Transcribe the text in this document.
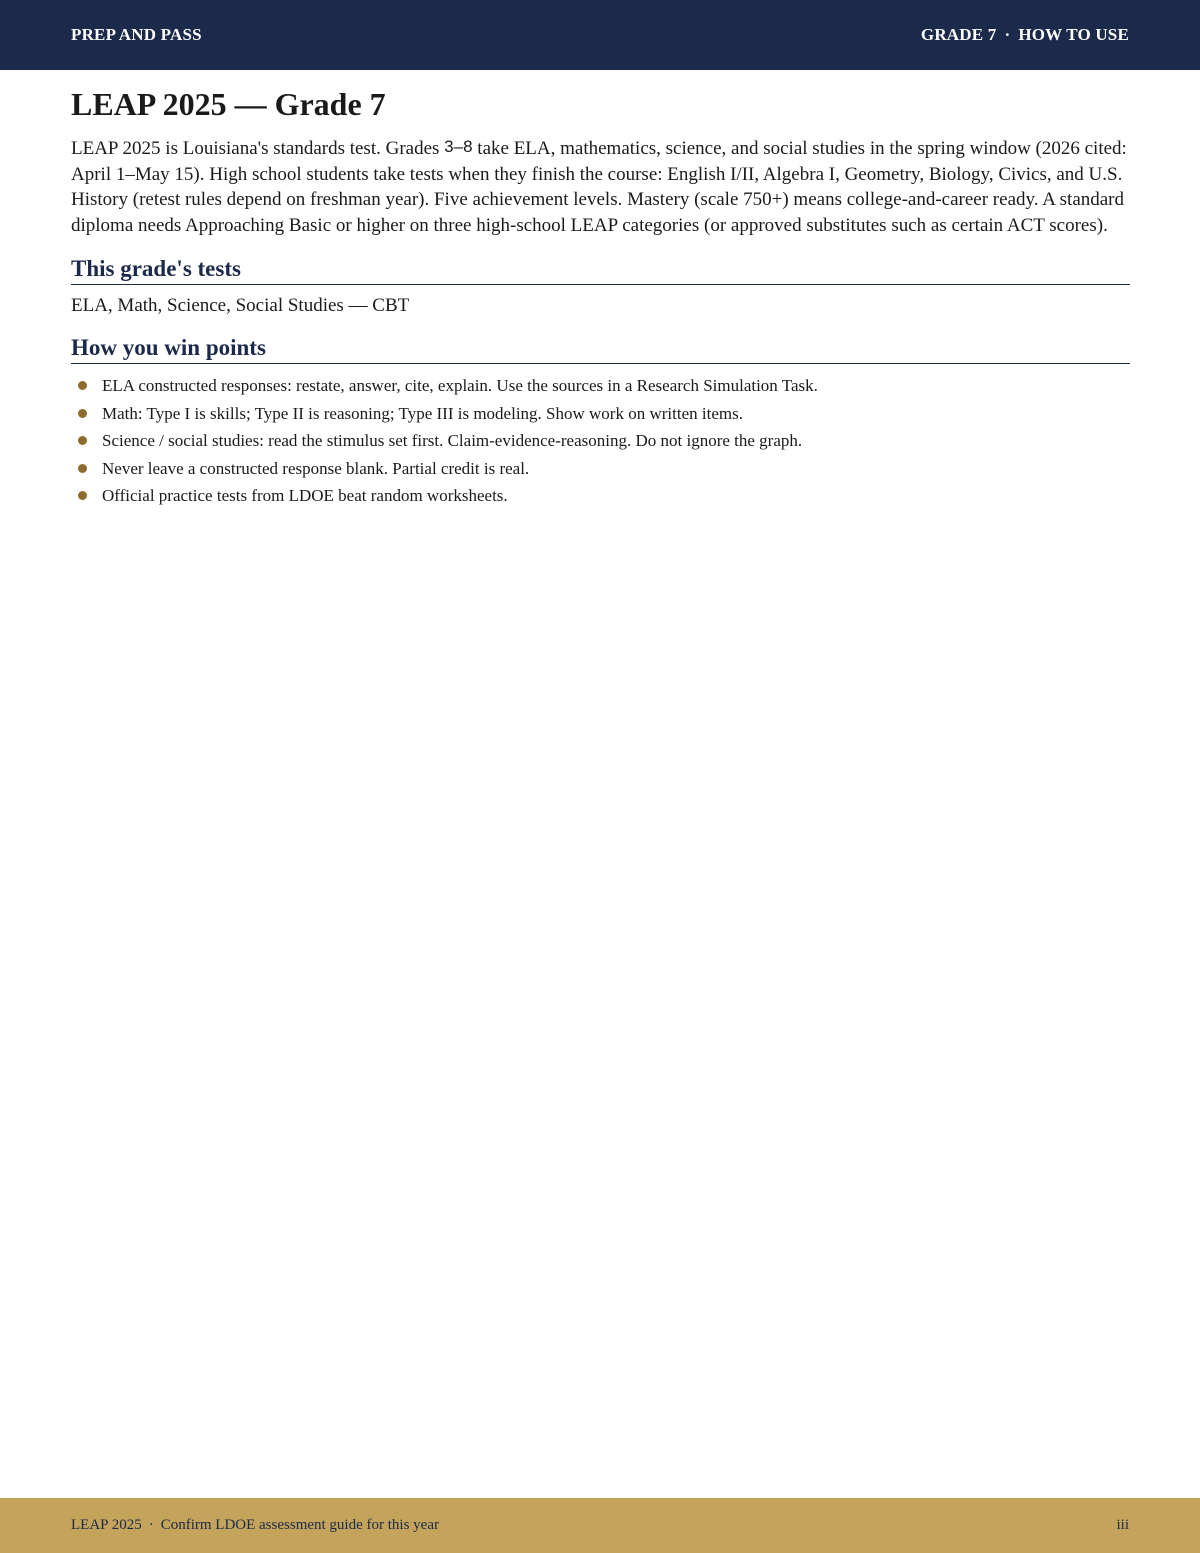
PREP AND PASS	GRADE 7 · HOW TO USE
LEAP 2025 — Grade 7

LEAP 2025 is Louisiana's standards test. Grades 3–8 take ELA, mathematics, science, and social studies in the spring window (2026 cited: April 1–May 15). High school students take tests when they finish the course: English I/II, Algebra I, Geometry, Biology, Civics, and U.S. History (retest rules depend on freshman year). Five achievement levels. Mastery (scale 750+) means college-and-career ready. A standard diploma needs Approaching Basic or higher on three high-school LEAP categories (or approved substitutes such as certain ACT scores).

This grade's tests

ELA, Math, Science, Social Studies — CBT

How you win points
ELA constructed responses: restate, answer, cite, explain. Use the sources in a Research Simulation Task.
Math: Type I is skills; Type II is reasoning; Type III is modeling. Show work on written items.
Science / social studies: read the stimulus set first. Claim-evidence-reasoning. Do not ignore the graph.
Never leave a constructed response blank. Partial credit is real.
Official practice tests from LDOE beat random worksheets.
LEAP 2025 · Confirm LDOE assessment guide for this year	iii
